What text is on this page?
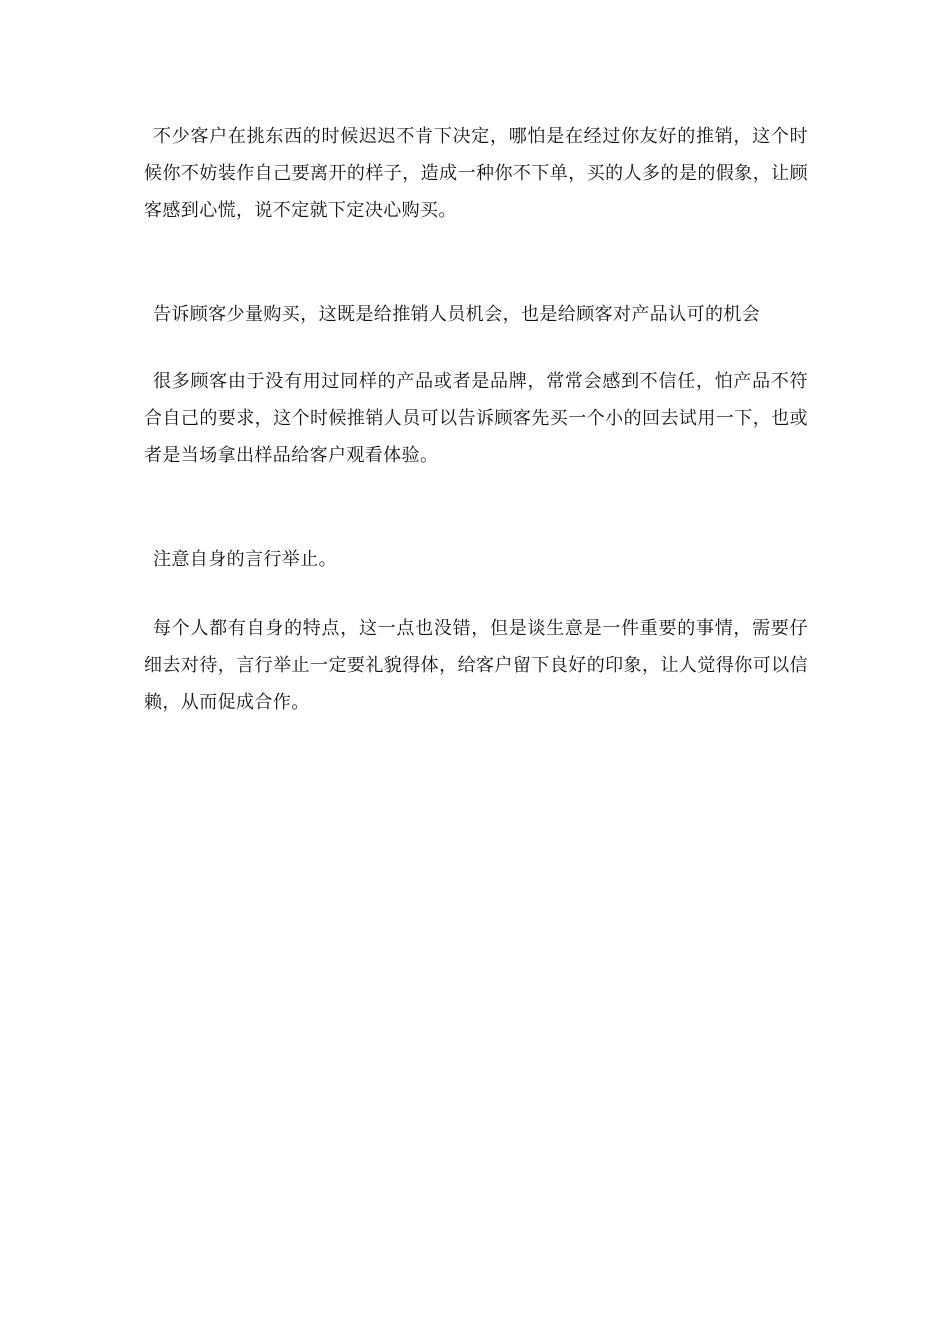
不少客户在挑东西的时候迟迟不肯下决定，哪怕是在经过你友好的推销，这个时候你不妨装作自己要离开的样子，造成一种你不下单，买的人多的是的假象，让顾客感到心慌，说不定就下定决心购买。
告诉顾客少量购买，这既是给推销人员机会，也是给顾客对产品认可的机会
很多顾客由于没有用过同样的产品或者是品牌，常常会感到不信任，怕产品不符合自己的要求，这个时候推销人员可以告诉顾客先买一个小的回去试用一下，也或者是当场拿出样品给客户观看体验。
注意自身的言行举止。
每个人都有自身的特点，这一点也没错，但是谈生意是一件重要的事情，需要仔细去对待，言行举止一定要礼貌得体，给客户留下良好的印象，让人觉得你可以信赖，从而促成合作。
